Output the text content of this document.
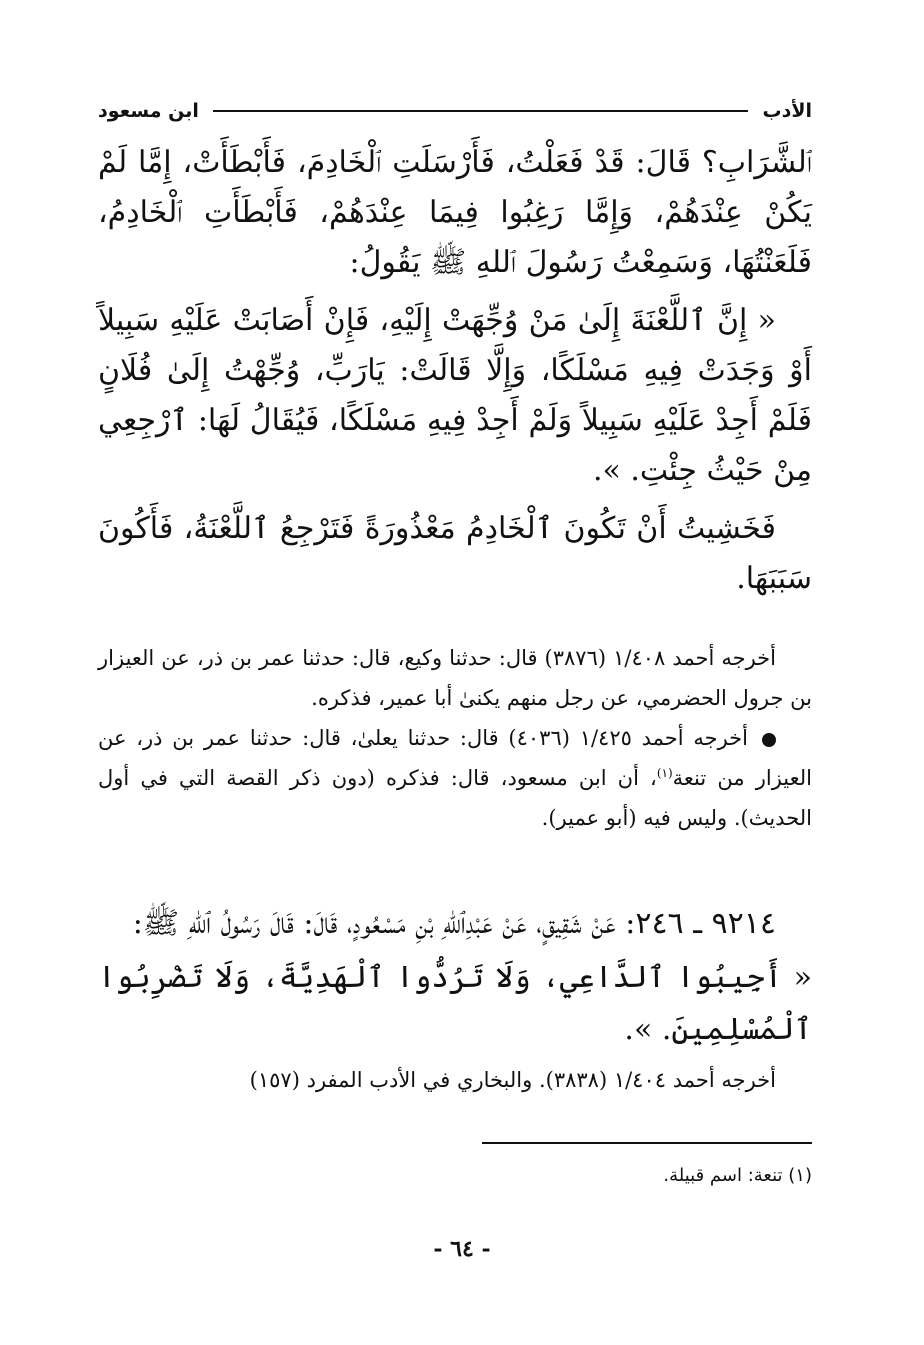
الأدب
ابن مسعود

ٱلشَّرَابِ؟ قَالَ: قَدْ فَعَلْتُ، فَأَرْسَلَتِ ٱلْخَادِمَ، فَأَبْطَأَتْ، إِمَّا لَمْ يَكُنْ عِنْدَهُمْ، وَإِمَّا رَغِبُوا فِيمَا عِنْدَهُمْ، فَأَبْطَأَتِ ٱلْخَادِمُ، فَلَعَنْتُهَا، وَسَمِعْتُ رَسُولَ ٱللهِ ﷺ يَقُولُ:

« إِنَّ ٱللَّعْنَةَ إِلَىٰ مَنْ وُجِّهَتْ إِلَيْهِ، فَإِنْ أَصَابَتْ عَلَيْهِ سَبِيلاً أَوْ وَجَدَتْ فِيهِ مَسْلَكًا، وَإِلَّا قَالَتْ: يَارَبِّ، وُجِّهْتُ إِلَىٰ فُلَانٍ فَلَمْ أَجِدْ عَلَيْهِ سَبِيلاً وَلَمْ أَجِدْ فِيهِ مَسْلَكًا، فَيُقَالُ لَهَا: ٱرْجِعِي مِنْ حَيْثُ جِئْتِ. ».

فَخَشِيتُ أَنْ تَكُونَ ٱلْخَادِمُ مَعْذُورَةً فَتَرْجِعُ ٱللَّعْنَةُ، فَأَكُونَ سَبَبَهَا.

أخرجه أحمد ١/٤٠٨ (٣٨٧٦) قال: حدثنا وكيع، قال: حدثنا عمر بن ذر، عن العيزار بن جرول الحضرمي، عن رجل منهم يكنىٰ أبا عمير، فذكره.

أخرجه أحمد ١/٤٢٥ (٤٠٣٦) قال: حدثنا يعلىٰ، قال: حدثنا عمر بن ذر، عن العيزار من تنعة$^{(١)}$، أن ابن مسعود، قال: فذكره (دون ذكر القصة التي في أول الحديث). وليس فيه (أبو عمير).

٩٢١٤ ـ ٢٤٦: عَنْ شَقِيقٍ، عَنْ عَبْدِٱللهِ بْنِ مَسْعُودٍ، قَالَ: قَالَ رَسُولُ ٱللهِ ﷺ:

« أَجِيبُوا ٱلدَّاعِي، وَلَا تَرُدُّوا ٱلْهَدِيَّةَ، وَلَا تَضْرِبُوا ٱلْمُسْلِمِينَ. ».

أخرجه أحمد ١/٤٠٤ (٣٨٣٨). والبخاري في الأدب المفرد (١٥٧)

(١) تنعة: اسم قبيلة.
- ٦٤ -
